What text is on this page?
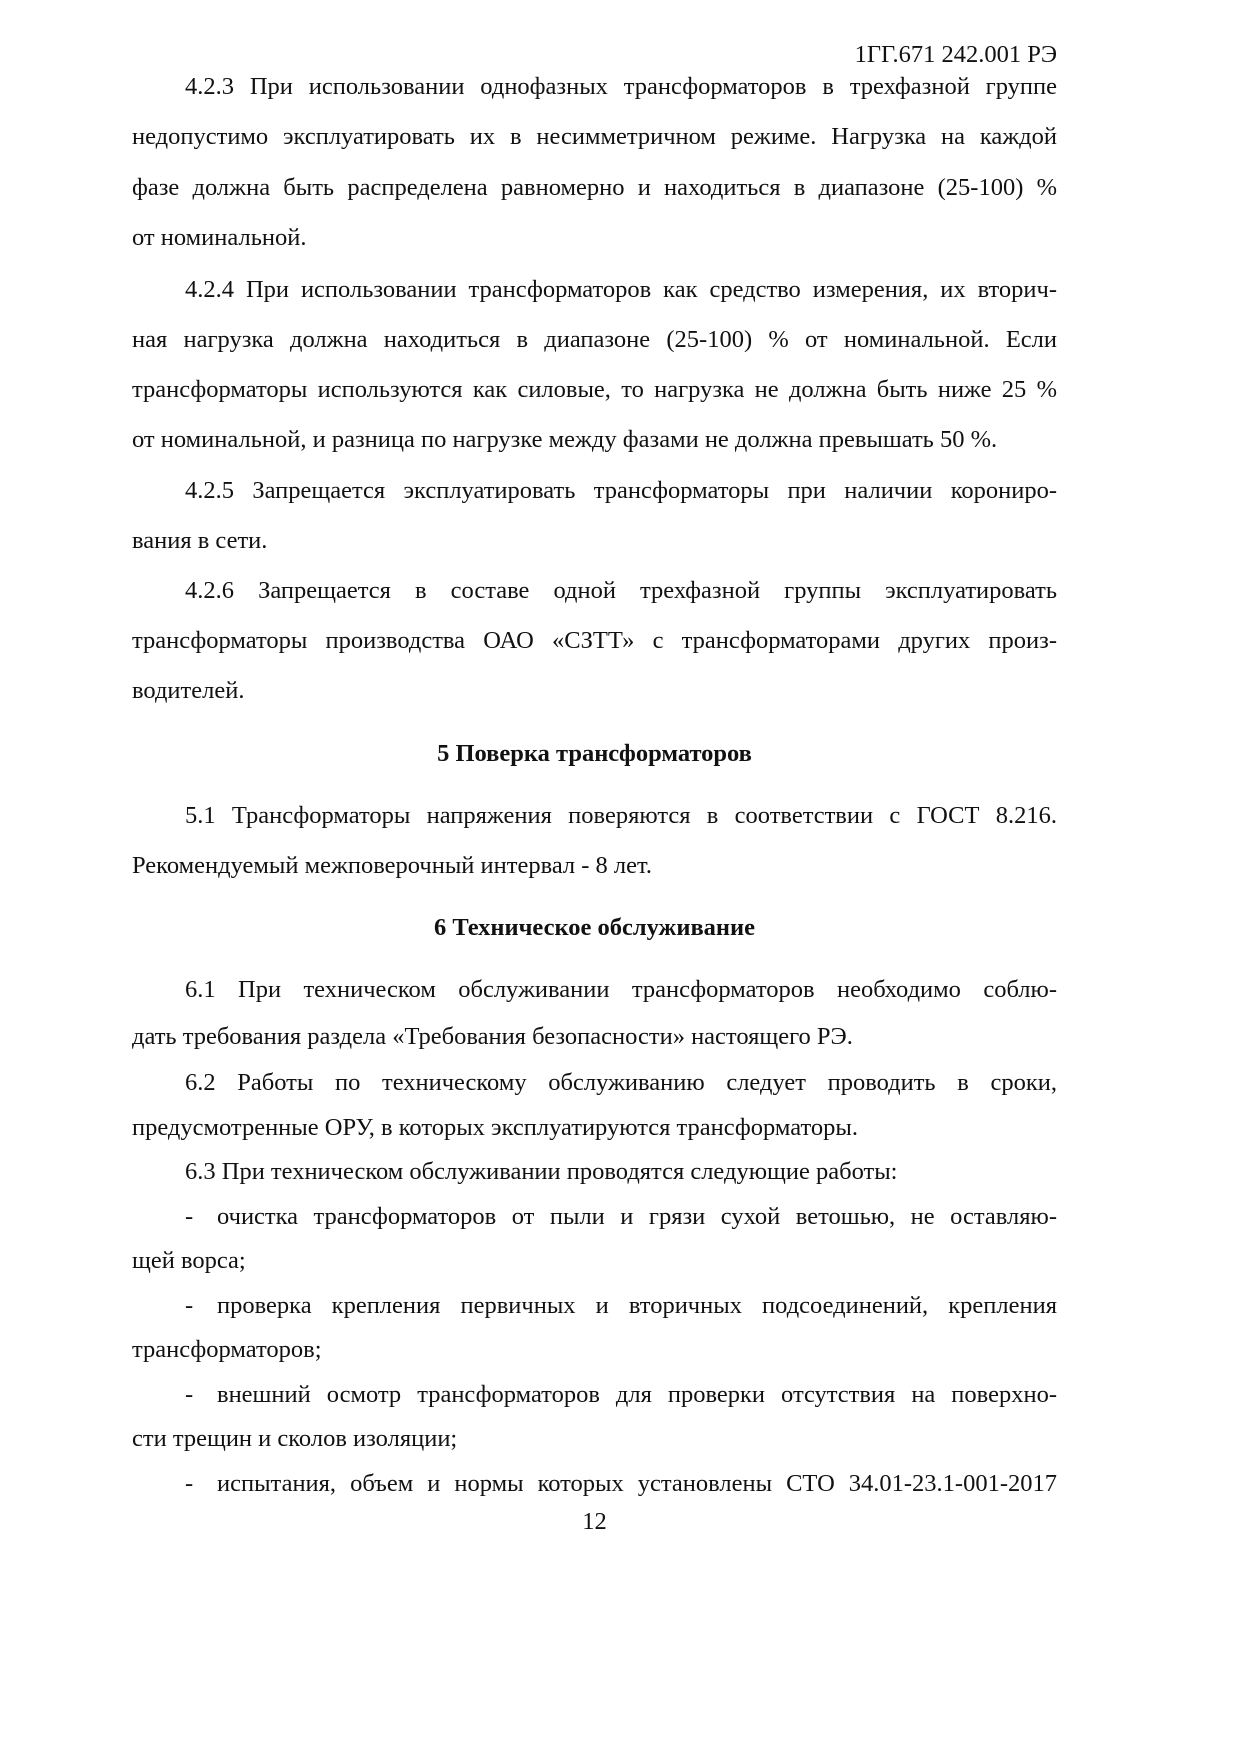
1ГГ.671 242.001 РЭ
4.2.3 При использовании однофазных трансформаторов в трехфазной группе
недопустимо эксплуатировать их в несимметричном режиме. Нагрузка на каждой
фазе должна быть распределена равномерно и находиться в диапазоне (25-100) %
от номинальной.
4.2.4 При использовании трансформаторов как средство измерения, их вторич-
ная нагрузка должна находиться в диапазоне (25-100) % от номинальной. Если
трансформаторы используются как силовые, то нагрузка не должна быть ниже 25 %
от номинальной, и разница по нагрузке между фазами не должна превышать 50 %.
4.2.5 Запрещается эксплуатировать трансформаторы при наличии корониро-
вания в сети.
4.2.6 Запрещается в составе одной трехфазной группы эксплуатировать
трансформаторы производства ОАО «СЗТТ» с трансформаторами других произ-
водителей.
5 Поверка трансформаторов
5.1 Трансформаторы напряжения поверяются в соответствии с ГОСТ 8.216.
Рекомендуемый межповерочный интервал - 8 лет.
6 Техническое обслуживание
6.1 При техническом обслуживании трансформаторов необходимо соблю-
дать требования раздела «Требования безопасности» настоящего РЭ.
6.2 Работы по техническому обслуживанию следует проводить в сроки,
предусмотренные ОРУ, в которых эксплуатируются трансформаторы.
6.3 При техническом обслуживании проводятся следующие работы:
- очистка трансформаторов от пыли и грязи сухой ветошью, не оставляю-
щей ворса;
- проверка крепления первичных и вторичных подсоединений, крепления
трансформаторов;
- внешний осмотр трансформаторов для проверки отсутствия на поверхно-
сти трещин и сколов изоляции;
- испытания, объем и нормы которых установлены СТО 34.01-23.1-001-2017
12
